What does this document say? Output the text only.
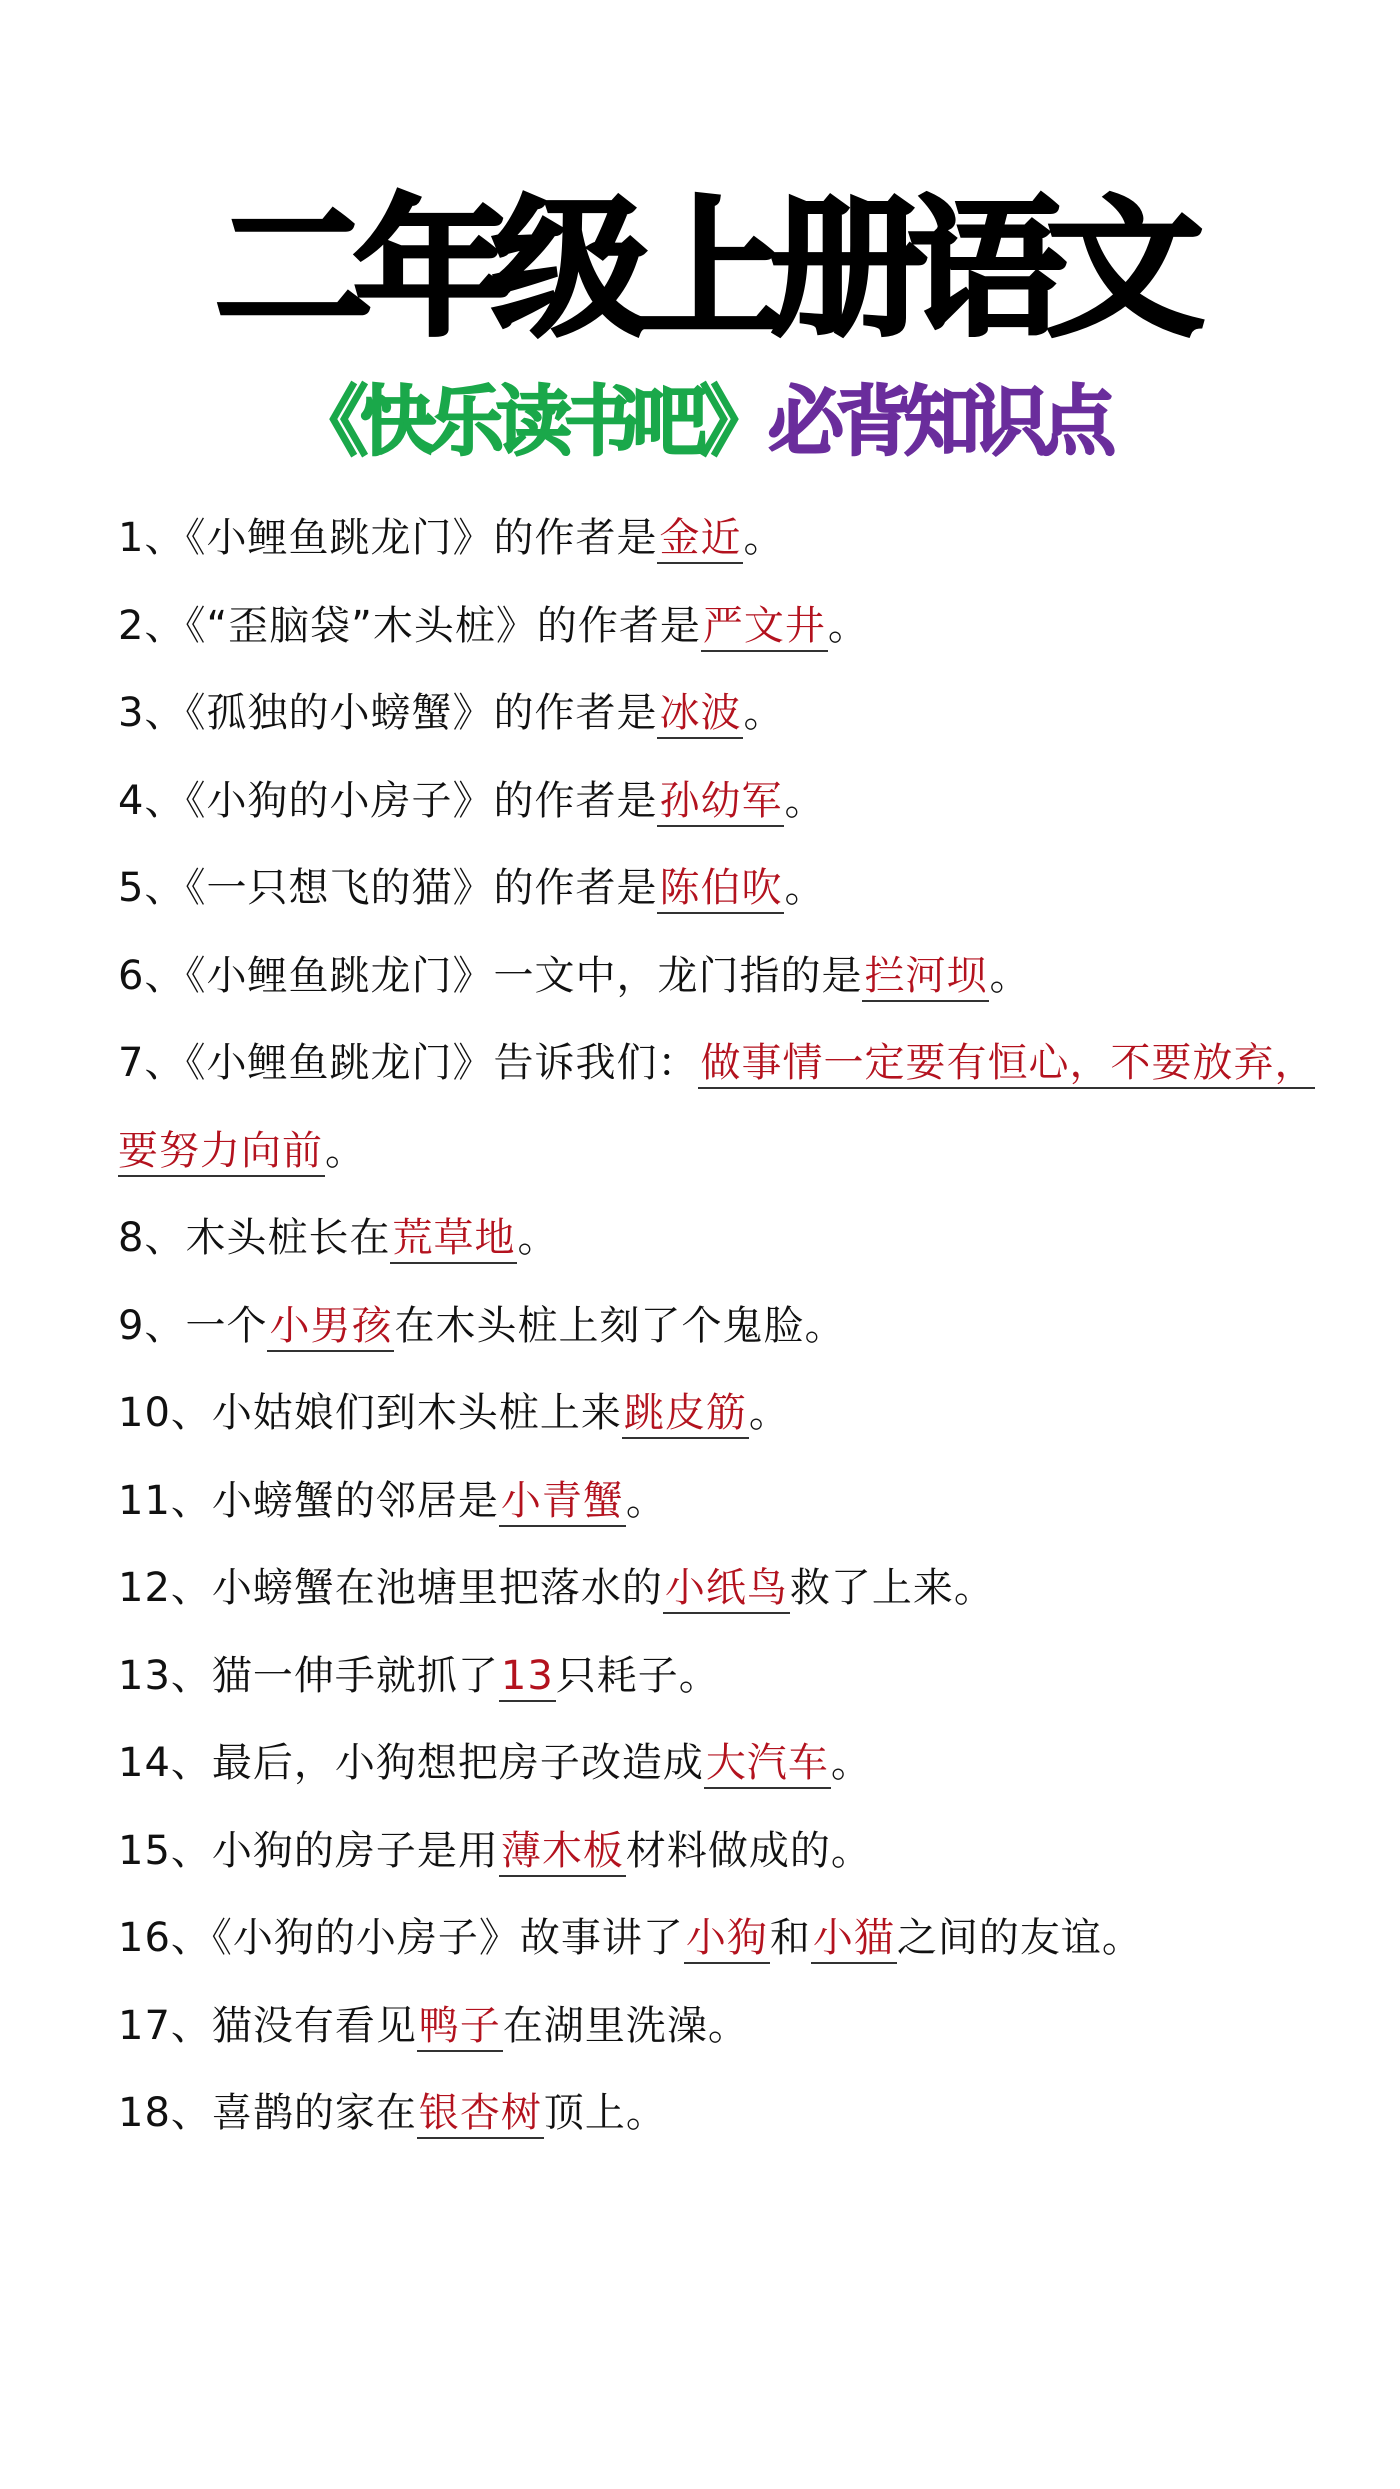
二年级上册语文
《快乐读书吧》必背知识点
1、《小鲤鱼跳龙门》的作者是金近。
2、《“歪脑袋”木头桩》的作者是严文井。
3、《孤独的小螃蟹》的作者是冰波。
4、《小狗的小房子》的作者是孙幼军。
5、《一只想飞的猫》的作者是陈伯吹。
6、《小鲤鱼跳龙门》一文中，龙门指的是拦河坝。
7、《小鲤鱼跳龙门》告诉我们：做事情一定要有恒心，不要放弃，要努力向前。
8、木头桩长在荒草地。
9、一个小男孩在木头桩上刻了个鬼脸。
10、小姑娘们到木头桩上来跳皮筋。
11、小螃蟹的邻居是小青蟹。
12、小螃蟹在池塘里把落水的小纸鸟救了上来。
13、猫一伸手就抓了13只耗子。
14、最后，小狗想把房子改造成大汽车。
15、小狗的房子是用薄木板材料做成的。
16、《小狗的小房子》故事讲了小狗和小猫之间的友谊。
17、猫没有看见鸭子在湖里洗澡。
18、喜鹊的家在银杏树顶上。
